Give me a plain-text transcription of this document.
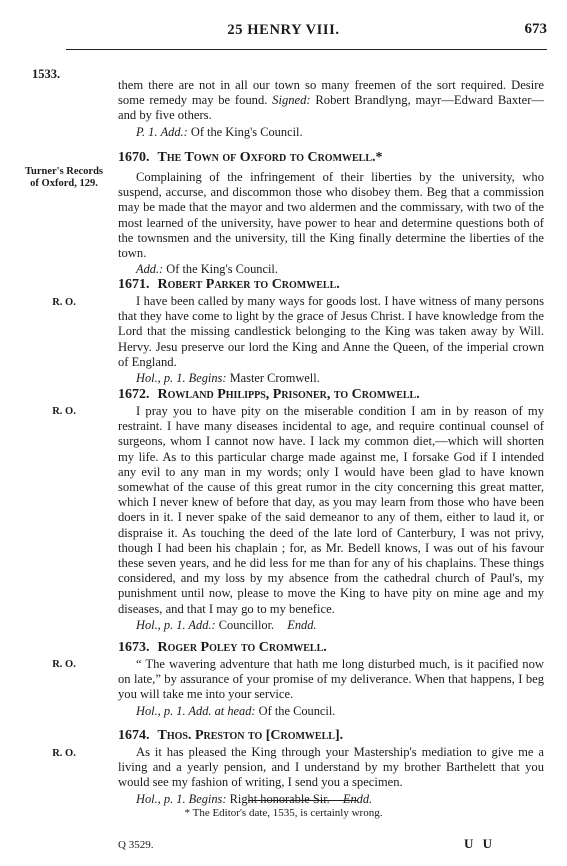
25 HENRY VIII.	673
1533.

them there are not in all our town so many freemen of the sort required. Desire some remedy may be found. Signed: Robert Brandlyng, mayr—Edward Baxter—and by five others.

P. 1. Add.: Of the King's Council.
1670. The Town of Oxford to Cromwell.*
Turner's Records of Oxford, 129.	Complaining of the infringement of their liberties by the university, who suspend, accurse, and discommon those who disobey them. Beg that a commission may be made that the mayor and two aldermen and the commissary, with two of the most learned of the university, have power to hear and determine questions both of the townsmen and the university, till the King finally determine the liberties of the town.

Add.: Of the King's Council.
1671. Robert Parker to Cromwell.
R. O.	I have been called by many ways for goods lost. I have witness of many persons that they have come to light by the grace of Jesus Christ. I have knowledge from the Lord that the missing candlestick belonging to the King was taken away by Will. Hervy. Jesu preserve our lord the King and Anne the Queen, of the imperial crown of England.

Hol., p. 1. Begins: Master Cromwell.
1672. Rowland Philipps, Prisoner, to Cromwell.
R. O.	I pray you to have pity on the miserable condition I am in by reason of my restraint. I have many diseases incidental to age, and require continual counsel of surgeons, whom I cannot now have. I lack my common diet,—which will shorten my life. As to this particular charge made against me, I forsake God if I intended any evil to any man in my words; only I would have been glad to have known somewhat of the cause of this great rumor in the city concerning this great matter, which I never knew of before that day, as you may learn from those who have been doers in it. I never spake of the said demeanor to any of them, either to laud it, or dispraise it. As touching the deed of the late lord of Canterbury, I was not privy, though I had been his chaplain ; for, as Mr. Bedell knows, I was out of his favour these seven years, and he did less for me than for any of his chaplains. These things considered, and my loss by my absence from the cathedral church of Paul's, my punishment until now, please to move the King to have pity on mine age and my diseases, and that I may go to my benefice.

Hol., p. 1. Add.: Councillor. Endd.
1673. Roger Poley to Cromwell.
R. O.	“ The wavering adventure that hath me long disturbed much, is it pacified now on late,” by assurance of your promise of my deliverance. When that happens, I beg you will take me into your service.

Hol., p. 1. Add. at head: Of the Council.
1674. Thos. Preston to [Cromwell].
R. O.	As it has pleased the King through your Mastership's mediation to give me a living and a yearly pension, and I understand by my brother Barthelett that you would see my fashion of writing, I send you a specimen.

Hol., p. 1. Begins: Right honorable Sir. Endd.
* The Editor's date, 1535, is certainly wrong.
Q 3529.	U U
